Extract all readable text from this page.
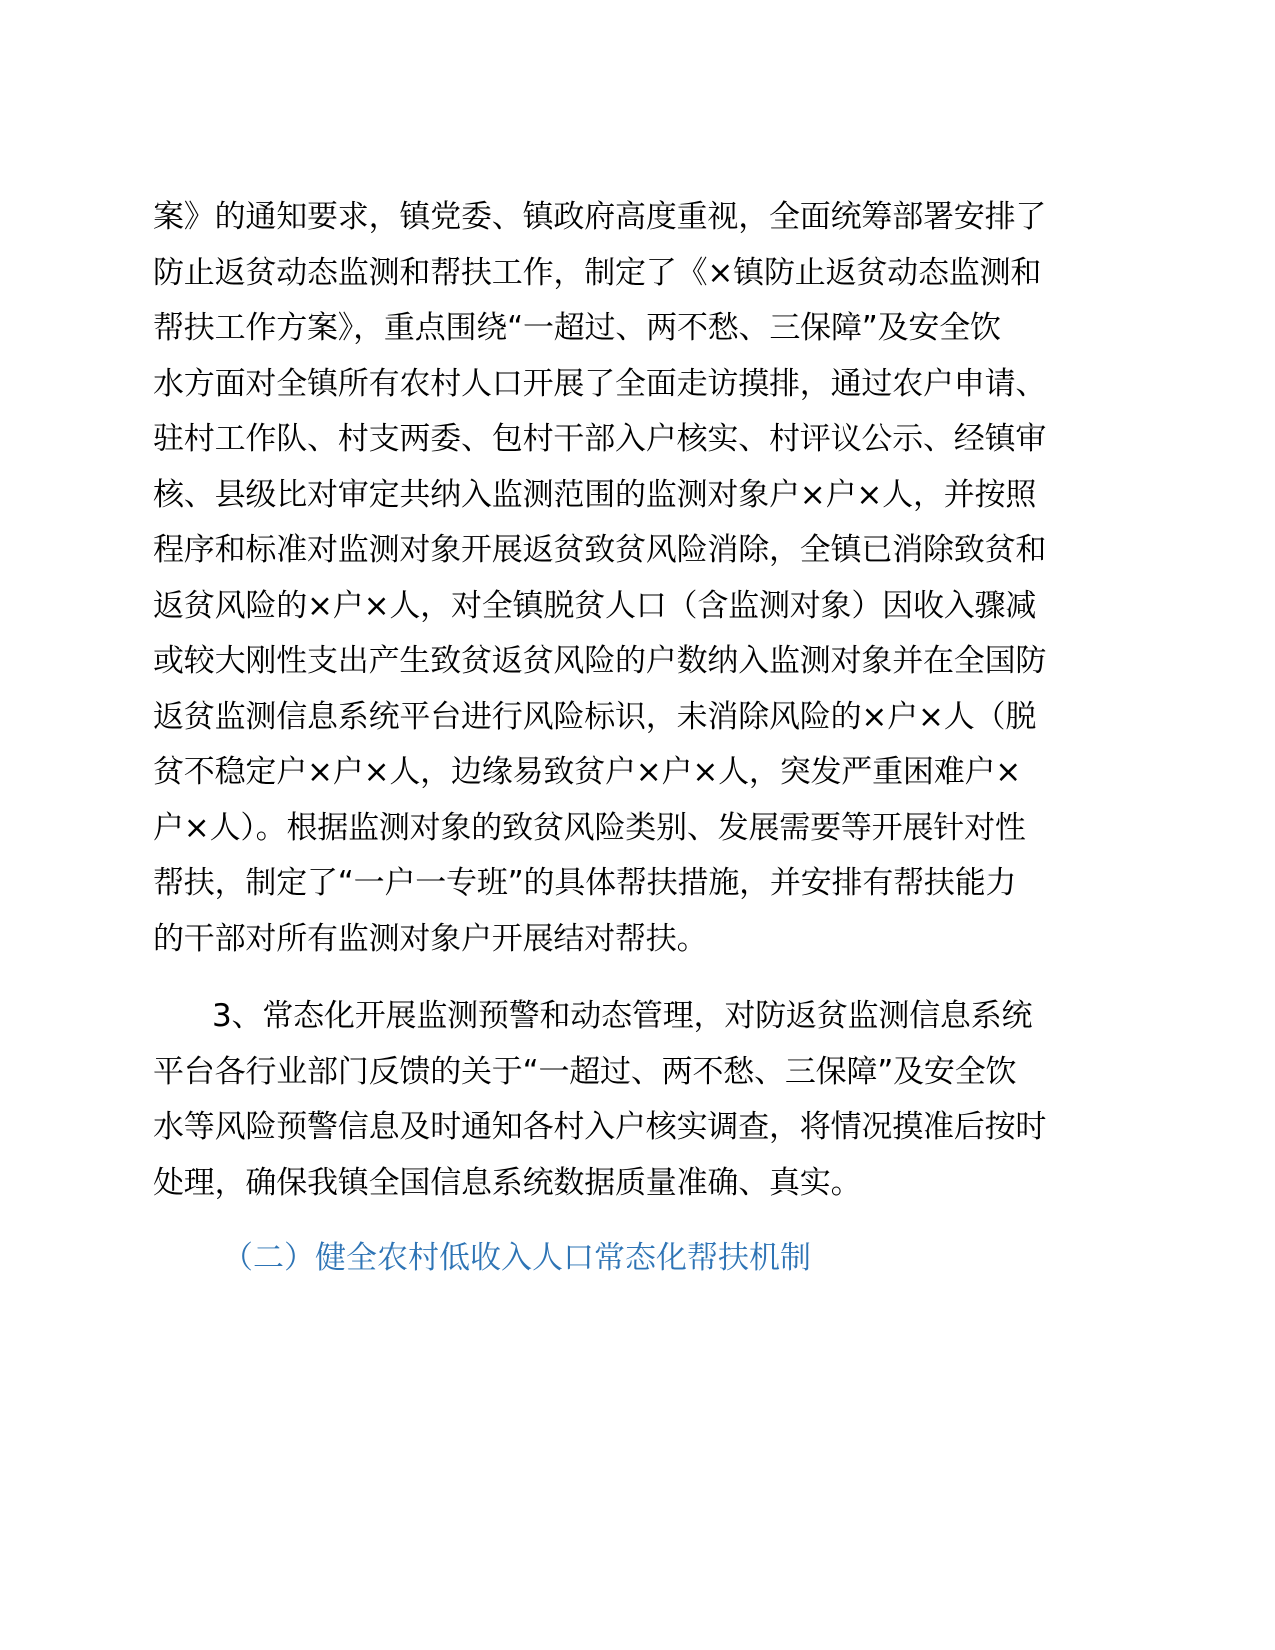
案》的通知要求，镇党委、镇政府高度重视，全面统筹部署安排了
防止返贫动态监测和帮扶工作，制定了《×镇防止返贫动态监测和
帮扶工作方案》，重点围绕“一超过、两不愁、三保障”及安全饮
水方面对全镇所有农村人口开展了全面走访摸排，通过农户申请、
驻村工作队、村支两委、包村干部入户核实、村评议公示、经镇审
核、县级比对审定共纳入监测范围的监测对象户×户×人，并按照
程序和标准对监测对象开展返贫致贫风险消除，全镇已消除致贫和
返贫风险的×户×人，对全镇脱贫人口（含监测对象）因收入骤减
或较大刚性支出产生致贫返贫风险的户数纳入监测对象并在全国防
返贫监测信息系统平台进行风险标识，未消除风险的×户×人（脱
贫不稳定户×户×人，边缘易致贫户×户×人，突发严重困难户×
户×人）。根据监测对象的致贫风险类别、发展需要等开展针对性
帮扶，制定了“一户一专班”的具体帮扶措施，并安排有帮扶能力
的干部对所有监测对象户开展结对帮扶。
3、常态化开展监测预警和动态管理，对防返贫监测信息系统
平台各行业部门反馈的关于“一超过、两不愁、三保障”及安全饮
水等风险预警信息及时通知各村入户核实调查，将情况摸准后按时
处理，确保我镇全国信息系统数据质量准确、真实。
（二）健全农村低收入人口常态化帮扶机制
